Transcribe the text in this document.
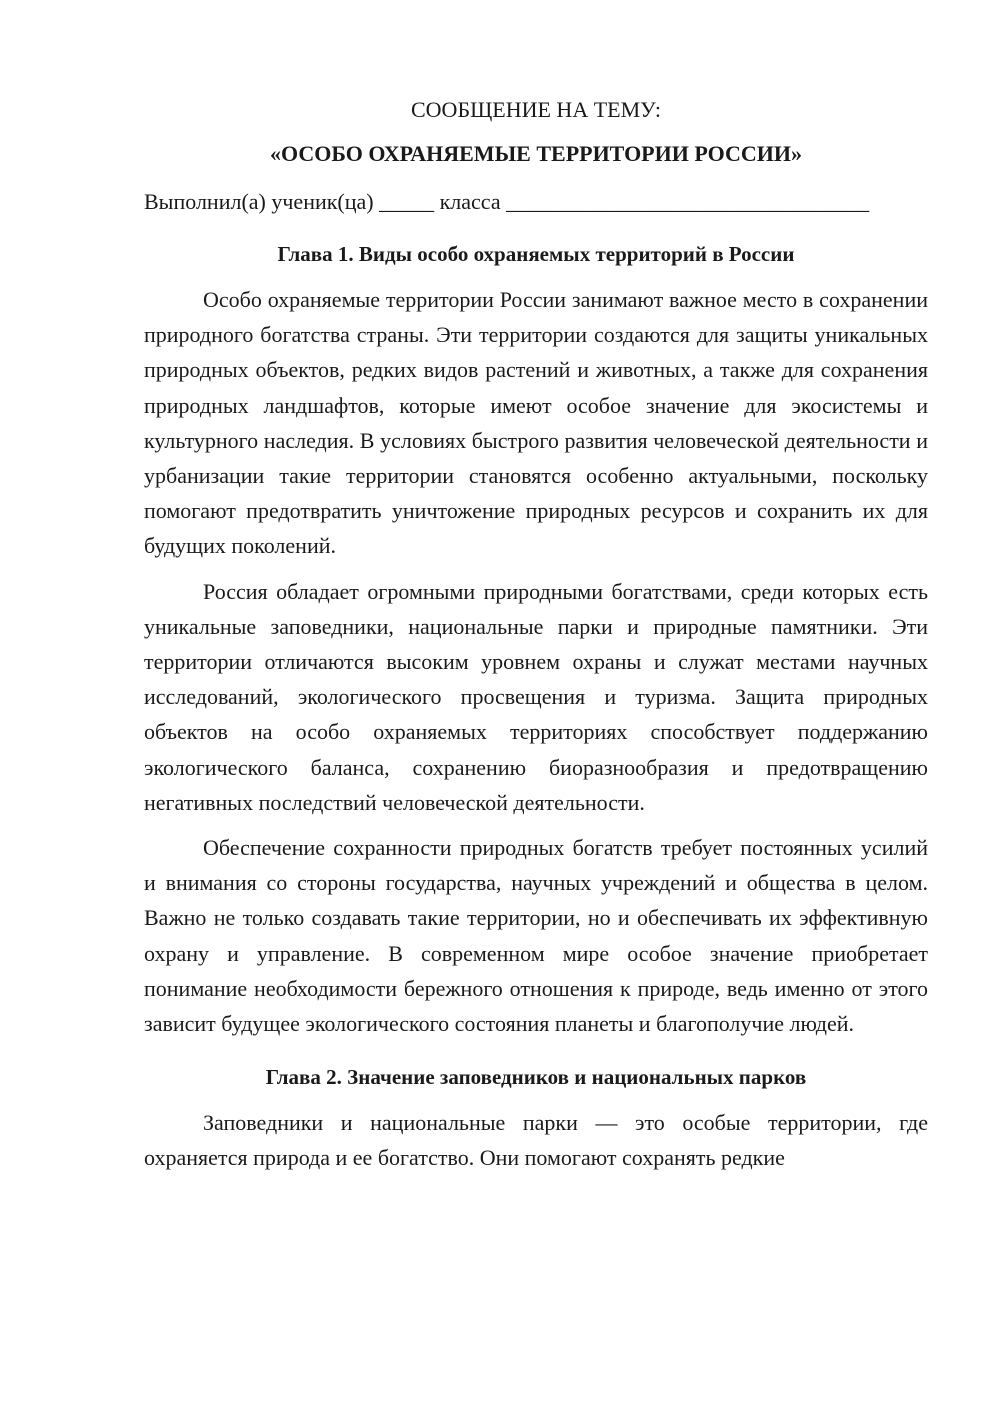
СООБЩЕНИЕ НА ТЕМУ:
«ОСОБО ОХРАНЯЕМЫЕ ТЕРРИТОРИИ РОССИИ»
Выполнил(а) ученик(ца) _____ класса _________________________________
Глава 1. Виды особо охраняемых территорий в России

Особо охраняемые территории России занимают важное место в сохранении природного богатства страны. Эти территории создаются для защиты уникальных природных объектов, редких видов растений и животных, а также для сохранения природных ландшафтов, которые имеют особое значение для экосистемы и культурного наследия. В условиях быстрого развития человеческой деятельности и урбанизации такие территории становятся особенно актуальными, поскольку помогают предотвратить уничтожение природных ресурсов и сохранить их для будущих поколений.

Россия обладает огромными природными богатствами, среди которых есть уникальные заповедники, национальные парки и природные памятники. Эти территории отличаются высоким уровнем охраны и служат местами научных исследований, экологического просвещения и туризма. Защита природных объектов на особо охраняемых территориях способствует поддержанию экологического баланса, сохранению биоразнообразия и предотвращению негативных последствий человеческой деятельности.

Обеспечение сохранности природных богатств требует постоянных усилий и внимания со стороны государства, научных учреждений и общества в целом. Важно не только создавать такие территории, но и обеспечивать их эффективную охрану и управление. В современном мире особое значение приобретает понимание необходимости бережного отношения к природе, ведь именно от этого зависит будущее экологического состояния планеты и благополучие людей.

Глава 2. Значение заповедников и национальных парков

Заповедники и национальные парки — это особые территории, где охраняется природа и ее богатство. Они помогают сохранять редкие
